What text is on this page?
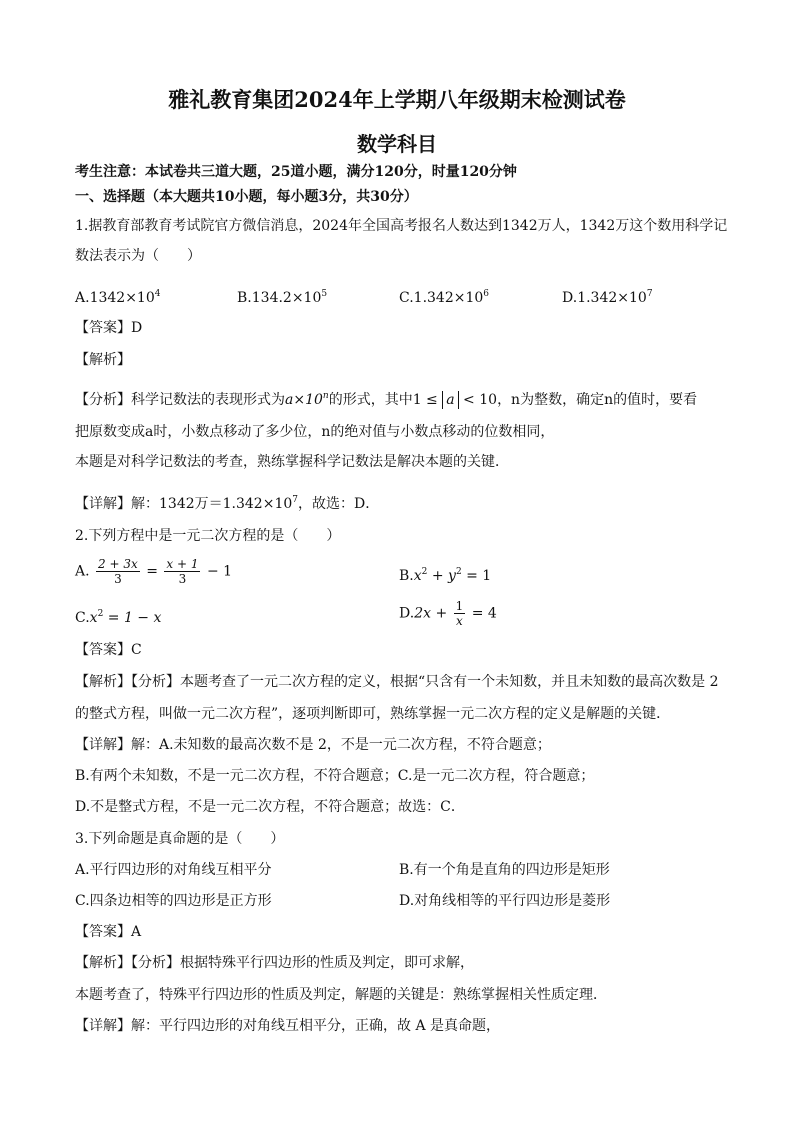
雅礼教育集团2024年上学期八年级期末检测试卷
数学科目
考生注意：本试卷共三道大题，25道小题，满分120分，时量120分钟
一、选择题（本大题共10小题，每小题3分，共30分）
1.据教育部教育考试院官方微信消息，2024年全国高考报名人数达到1342万人，1342万这个数用科学记
数法表示为（　　）
$A.1342\times 10^4$	$B.134.2\times 10^5$	$C.1.342\times 10^6$	$D.1.342\times 10^7$
【答案】D
【解析】
【分析】科学记数法的表现形式为$a\times 10^n$的形式，其中1 ≤ a < 10，n为整数，确定n的值时，要看
把原数变成a时，小数点移动了多少位，n的绝对值与小数点移动的位数相同，
本题是对科学记数法的考查，熟练掌握科学记数法是解决本题的关键．
【详解】解：1342万$=1.342\times 10^7$，故选：D．
2.下列方程中是一元二次方程的是（　　）
A. $\frac{2 + 3x}{3} = \frac{x + 1}{3} - 1$	$B.x^2 + y^2 = 1$
$C.x^2 = 1 - x$	$D.2x + \frac{1}{x} = 4$
【答案】C
【解析】【分析】本题考查了一元二次方程的定义，根据“只含有一个未知数，并且未知数的最高次数是 2
的整式方程，叫做一元二次方程”，逐项判断即可，熟练掌握一元二次方程的定义是解题的关键．
【详解】解：A.未知数的最高次数不是 2，不是一元二次方程，不符合题意；
B.有两个未知数，不是一元二次方程，不符合题意；C.是一元二次方程，符合题意；
D.不是整式方程，不是一元二次方程，不符合题意；故选：C．
3.下列命题是真命题的是（　　）
A.平行四边形的对角线互相平分	B.有一个角是直角的四边形是矩形
C.四条边相等的四边形是正方形	D.对角线相等的平行四边形是菱形
【答案】A
【解析】【分析】根据特殊平行四边形的性质及判定，即可求解，
本题考查了，特殊平行四边形的性质及判定，解题的关键是：熟练掌握相关性质定理．
【详解】解：平行四边形的对角线互相平分，正确，故 A 是真命题，
